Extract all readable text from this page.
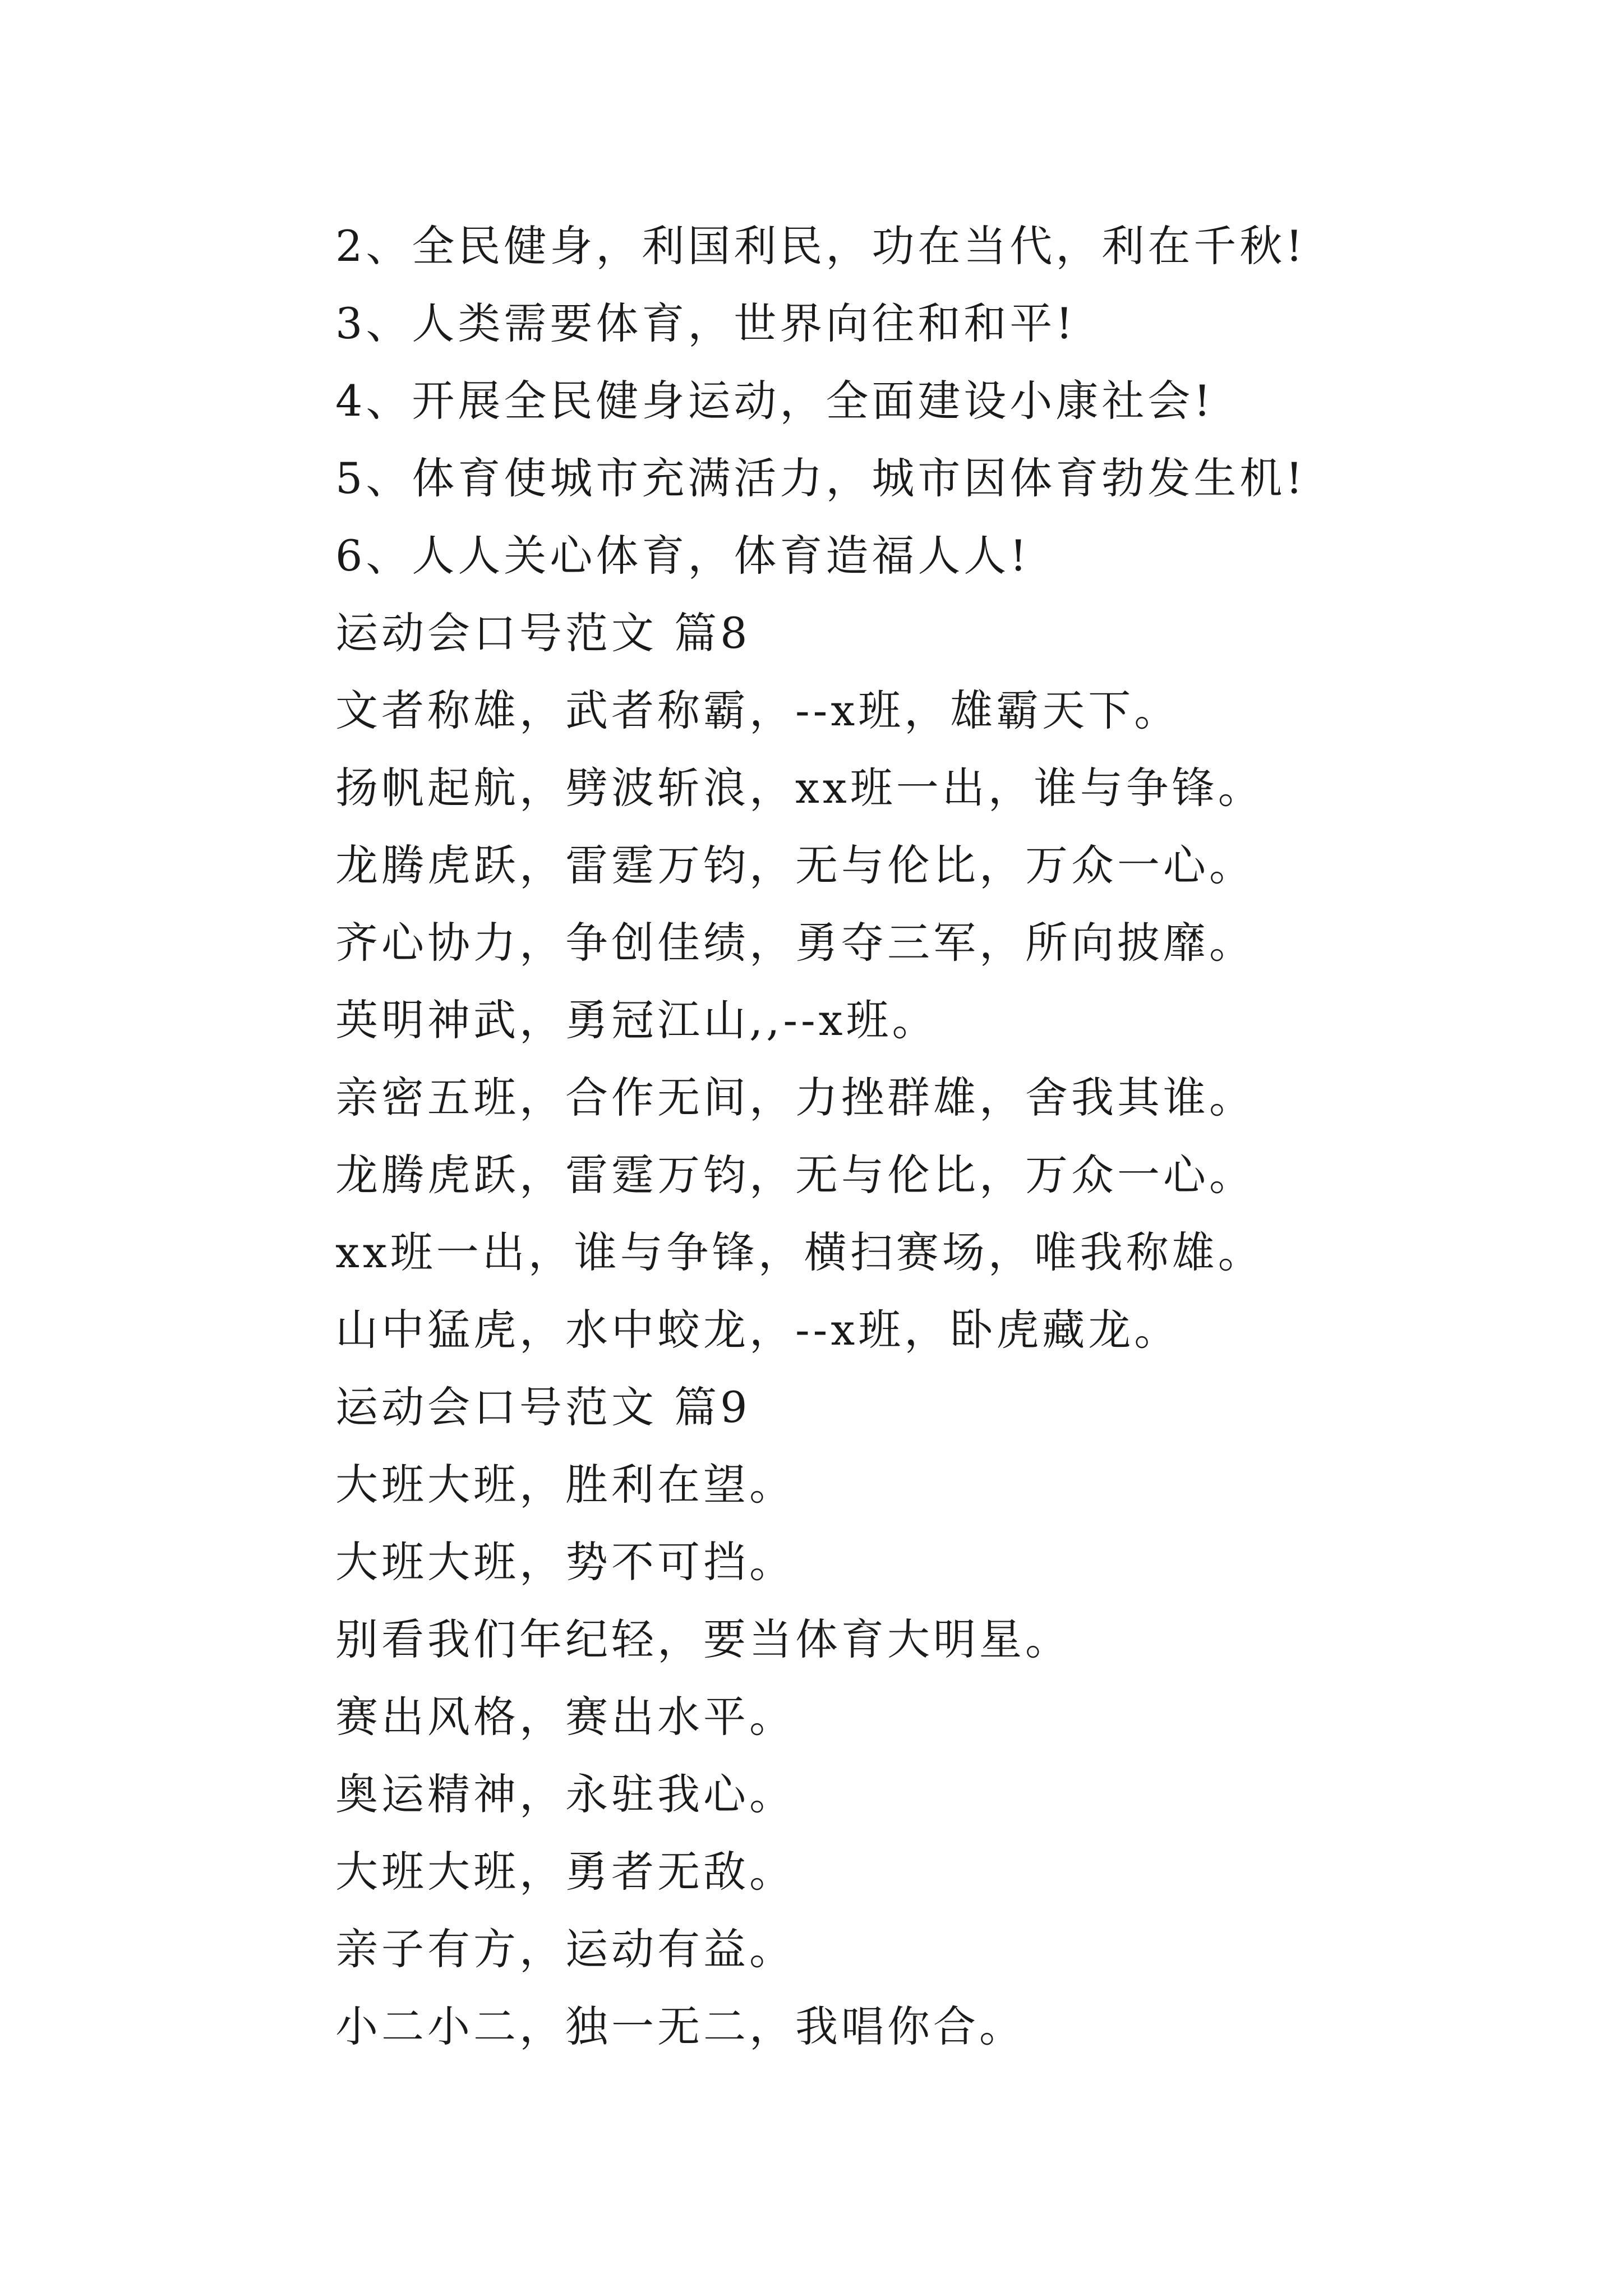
2、全民健身，利国利民，功在当代，利在千秋!
3、人类需要体育，世界向往和和平!
4、开展全民健身运动，全面建设小康社会!
5、体育使城市充满活力，城市因体育勃发生机!
6、人人关心体育，体育造福人人!
运动会口号范文 篇8
文者称雄，武者称霸，--x班，雄霸天下。
扬帆起航，劈波斩浪，xx班一出，谁与争锋。
龙腾虎跃，雷霆万钧，无与伦比，万众一心。
齐心协力，争创佳绩，勇夺三军，所向披靡。
英明神武，勇冠江山,,--x班。
亲密五班，合作无间，力挫群雄，舍我其谁。
龙腾虎跃，雷霆万钧，无与伦比，万众一心。
xx班一出，谁与争锋，横扫赛场，唯我称雄。
山中猛虎，水中蛟龙，--x班，卧虎藏龙。
运动会口号范文 篇9
大班大班，胜利在望。
大班大班，势不可挡。
别看我们年纪轻，要当体育大明星。
赛出风格，赛出水平。
奥运精神，永驻我心。
大班大班，勇者无敌。
亲子有方，运动有益。
小二小二，独一无二，我唱你合。
